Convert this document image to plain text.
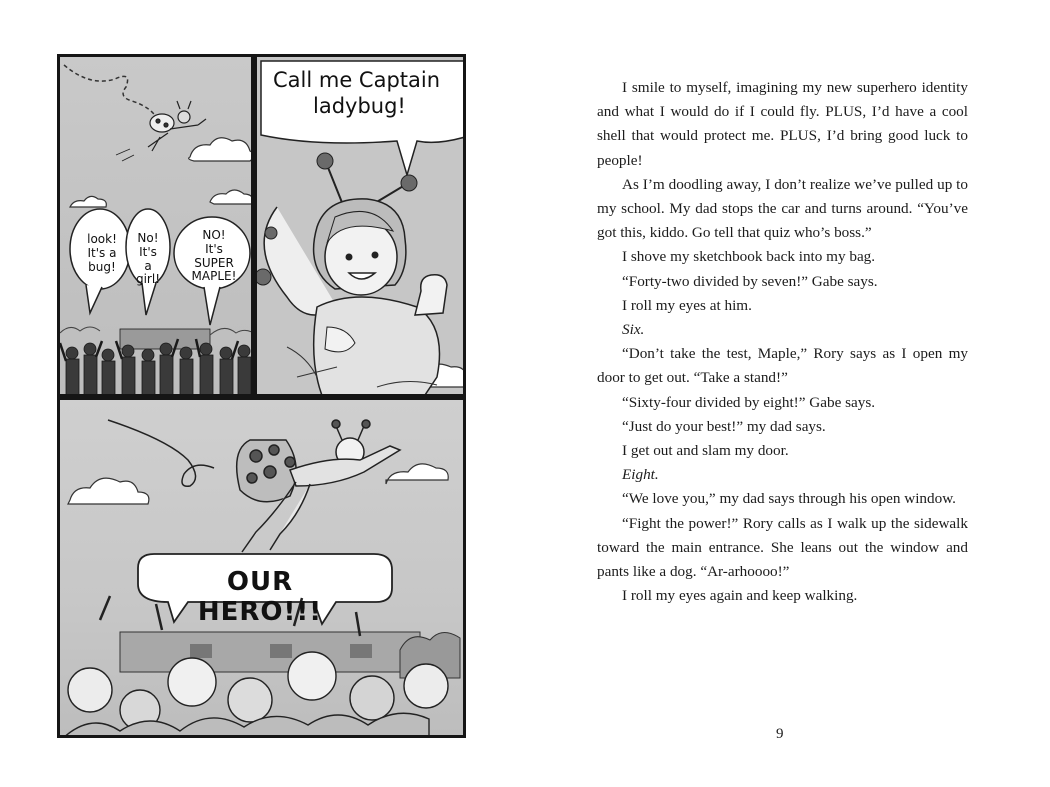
look!
It's a
bug!
No!
It's
a
girl!
NO!
It's
SUPER
MAPLE!
Call me Captain
ladybug!
OUR HERO!!!

I smile to myself, imagining my new superhero identity and what I would do if I could fly. PLUS, I’d have a cool shell that would protect me. PLUS, I’d bring good luck to people!

As I’m doodling away, I don’t realize we’ve pulled up to my school. My dad stops the car and turns around. “You’ve got this, kiddo. Go tell that quiz who’s boss.”

I shove my sketchbook back into my bag.

“Forty-two divided by seven!” Gabe says.

I roll my eyes at him.

Six.

“Don’t take the test, Maple,” Rory says as I open my door to get out. “Take a stand!”

“Sixty-four divided by eight!” Gabe says.

“Just do your best!” my dad says.

I get out and slam my door.

Eight.

“We love you,” my dad says through his open window.

“Fight the power!” Rory calls as I walk up the sidewalk toward the main entrance. She leans out the window and pants like a dog. “Ar-arhoooo!”

I roll my eyes again and keep walking.

9
